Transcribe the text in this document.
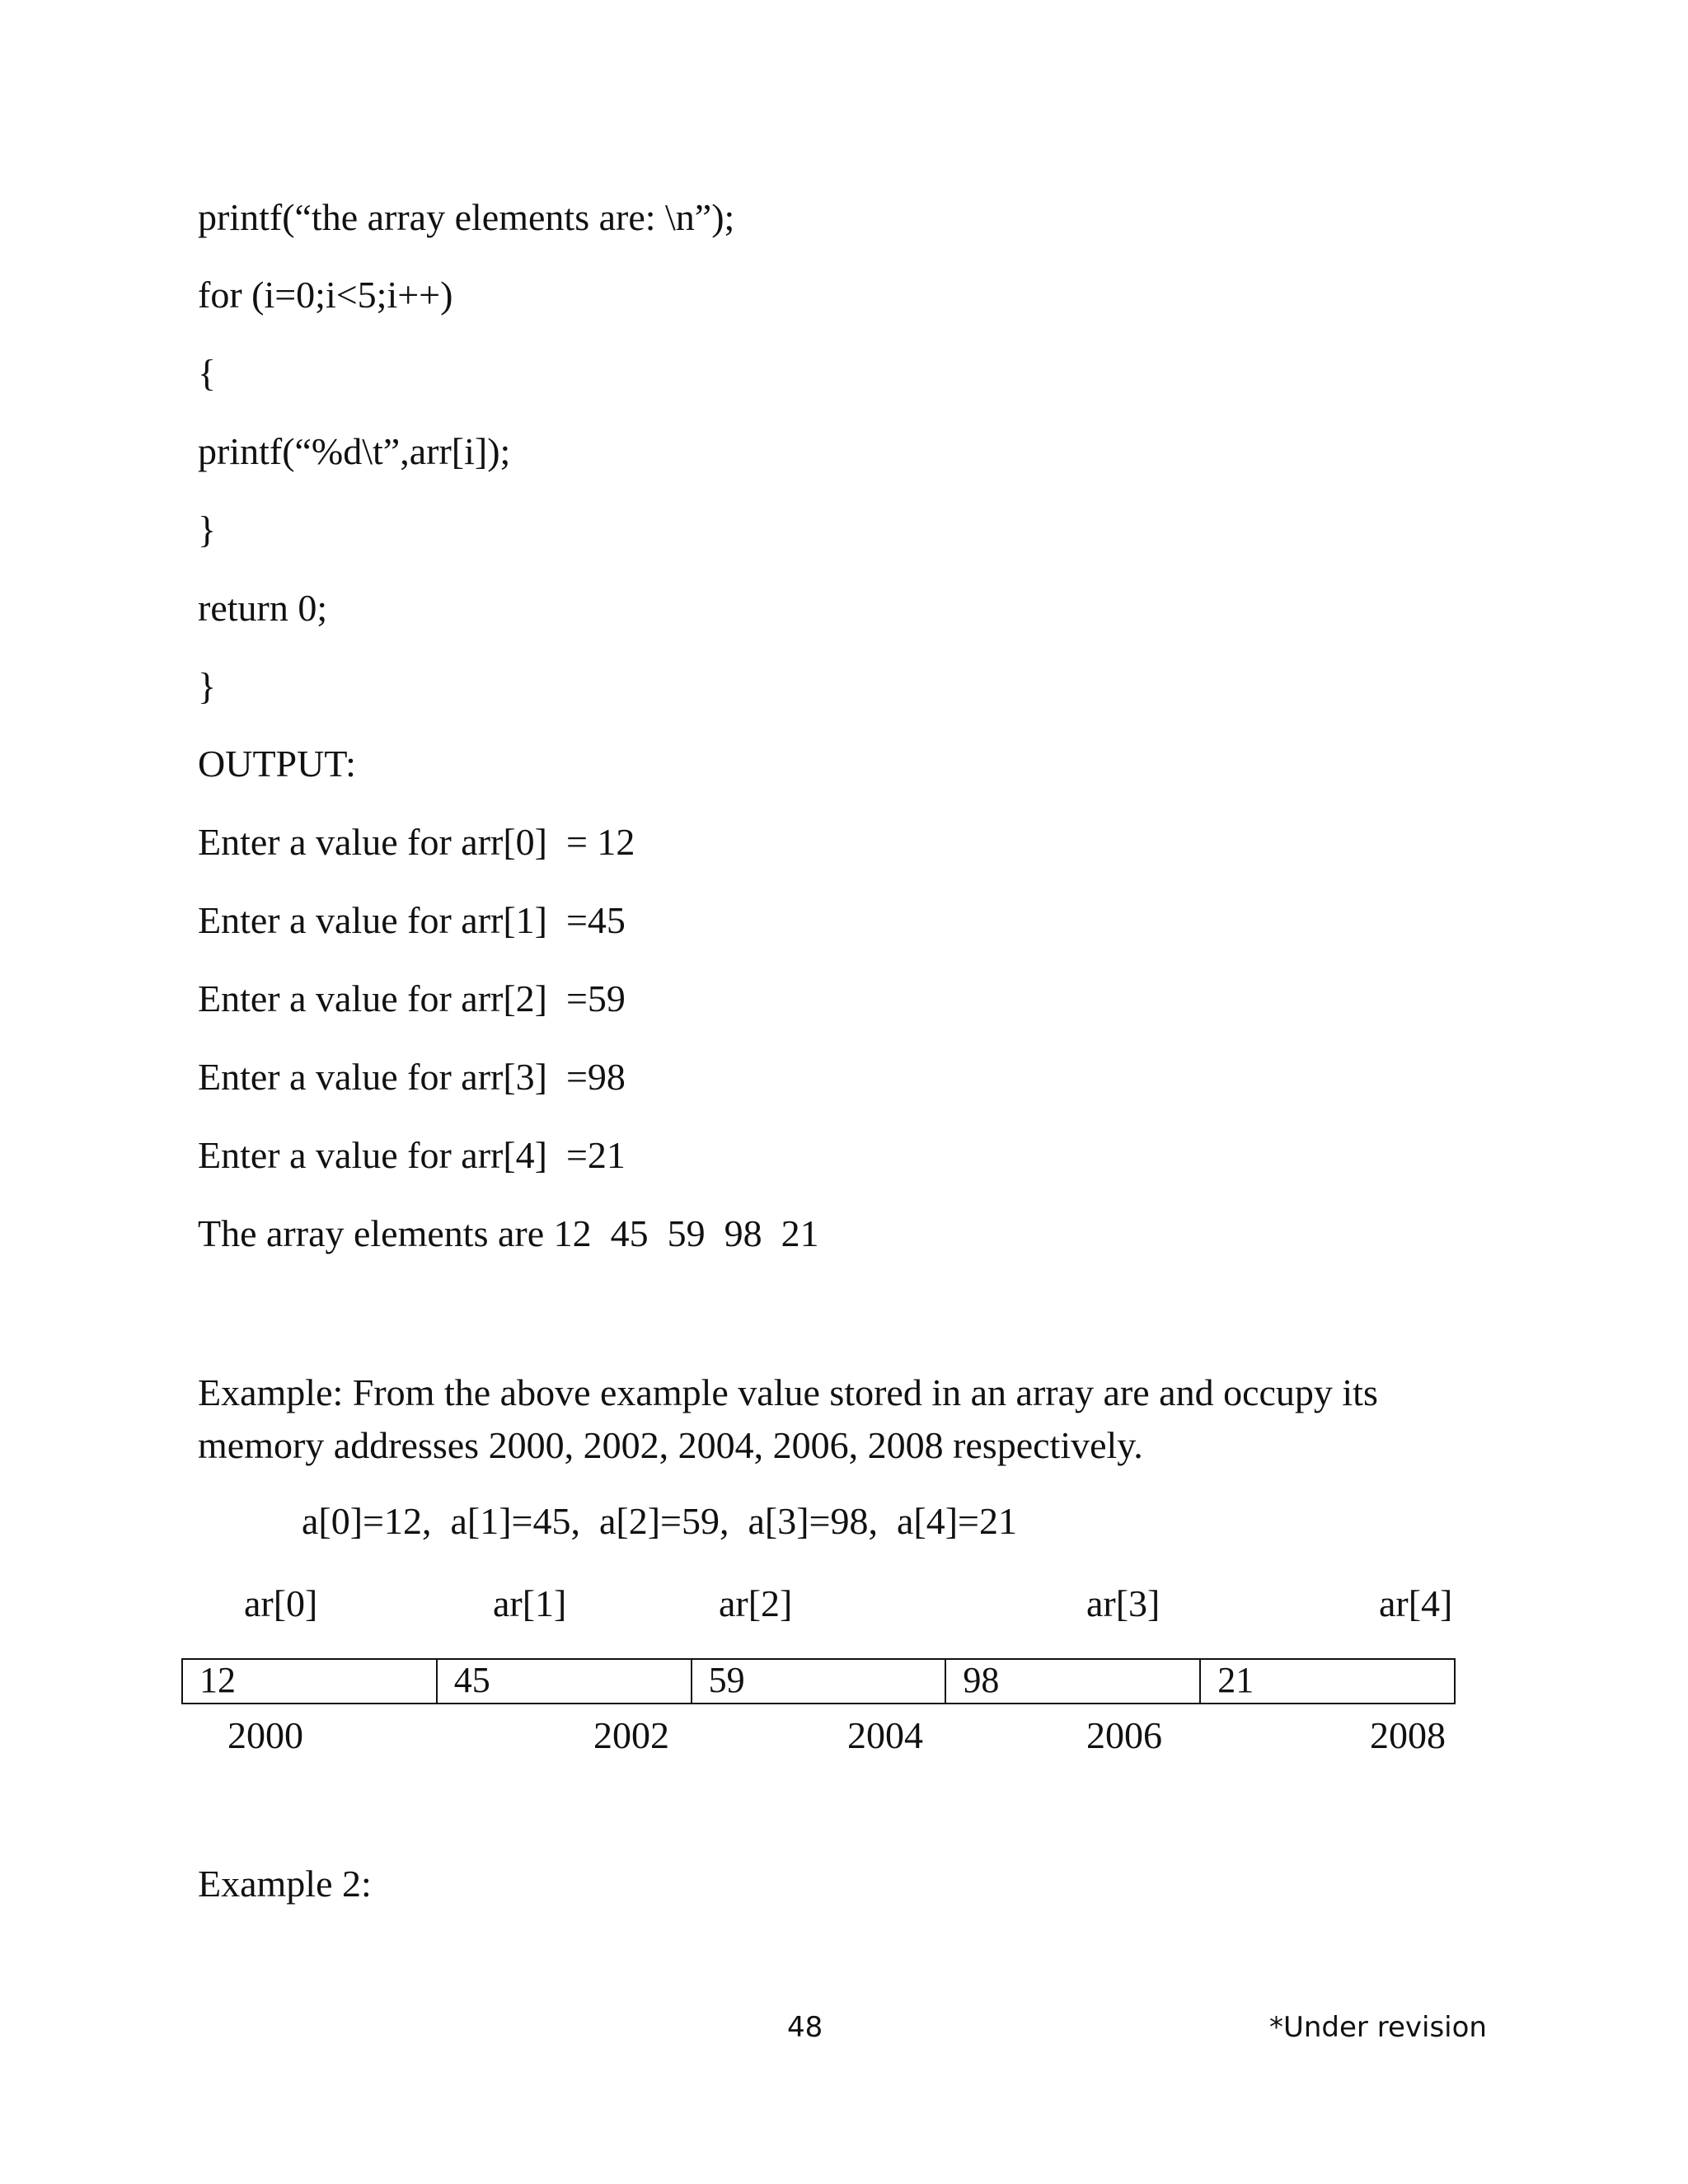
printf(“the array elements are: \n”);
for (i=0;i<5;i++)
{
printf(“%d\t”,arr[i]);
}
return 0;
}
OUTPUT:
Enter a value for arr[0]  = 12
Enter a value for arr[1]  =45
Enter a value for arr[2]  =59
Enter a value for arr[3]  =98
Enter a value for arr[4]  =21
The array elements are 12  45  59  98  21
Example: From the above example value stored in an array are and occupy its memory addresses 2000, 2002, 2004, 2006, 2008 respectively.
a[0]=12,  a[1]=45,  a[2]=59,  a[3]=98,  a[4]=21
ar[0]	ar[1]	ar[2]	ar[3]	ar[4]
12	45	59	98	21
2000	2002	2004	2006	2008
Example 2:
48	*Under revision
